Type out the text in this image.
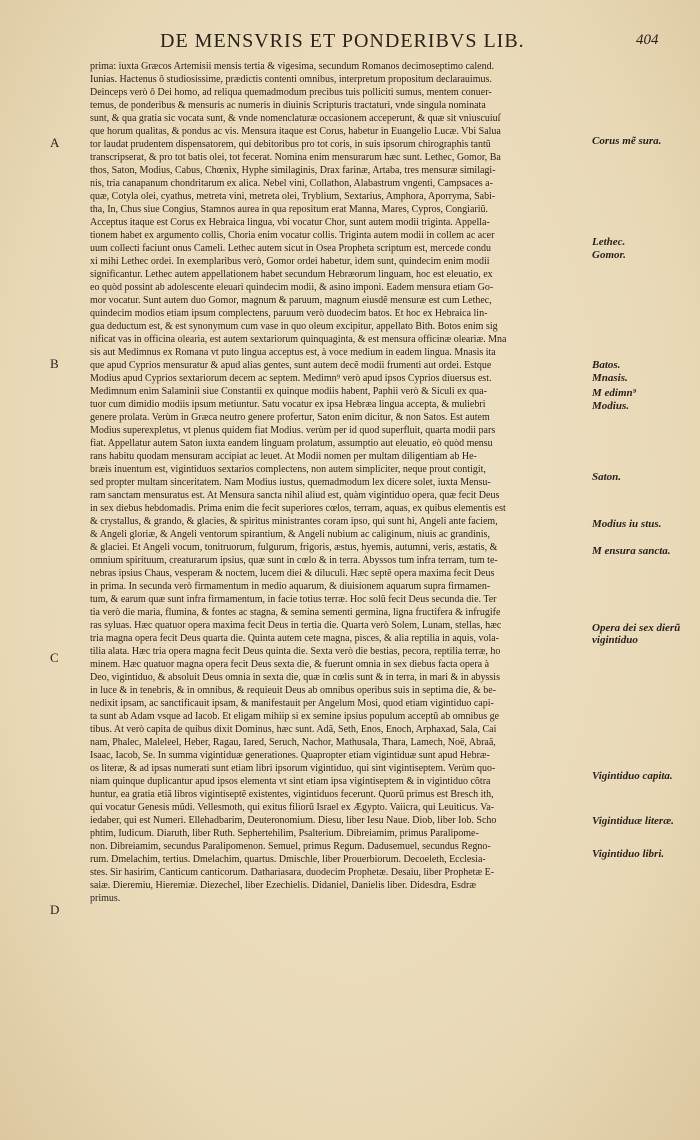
DE MENSVRIS ET PONDERIBVS LIB.	404
prima: iuxta Græcos Artemisii mensis tertia & vigesima, secundum Romanos decimoseptimo calend.
Iunias. Hactenus ô studiosissime, prædictis contenti omnibus, interpretum propositum declarauimus.
Deinceps verò ô Dei homo, ad reliqua quemadmodum precibus tuis polliciti sumus, mentem conuer-
temus, de ponderibus & mensuris ac numeris in diuinis Scripturis tractaturi, vnde singula nominata
sunt, & qua gratia sic vocata sunt, & vnde nomenclaturæ occasionem acceperunt, & quæ sit vniuscuiuſ
que horum qualitas, & pondus ac vis. Mensura itaque est Corus, habetur in Euangelio Lucæ. Vbi Salua
tor laudat prudentem dispensatorem, qui debitoribus pro tot coris, in suis ipsorum chirographis tantũ
transcripserat, & pro tot batis olei, tot fecerat. Nomina enim mensurarum hæc sunt. Lethec, Gomor, Ba
thos, Saton, Modius, Cabus, Chœnix, Hyphe similaginis, Drax farinæ, Artaba, tres mensuræ similagi-
nis, tria canapanum chondritarum ex alica. Nebel vini, Collathon, Alabastrum vngenti, Campsaces a-
quæ, Cotyla olei, cyathus, metreta vini, metreta olei, Tryblium, Sextarius, Amphora, Aporryma, Sabi-
tha, In, Chus siue Congius, Stamnos aurea in qua repositum erat Manna, Mares, Cypros, Congiariũ.
Acceptus itaque est Corus ex Hebraica lingua, vbi vocatur Chor, sunt autem modii triginta. Appella-
tionem habet ex argumento collis, Choria enim vocatur collis. Triginta autem modii in collem ac acer
uum collecti faciunt onus Cameli. Lethec autem sicut in Osea Propheta scriptum est, mercede condu
xi mihi Lethec ordei. In exemplaribus verò, Gomor ordei habetur, idem sunt, quindecim enim modii
significantur. Lethec autem appellationem habet secundum Hebræorum linguam, hoc est eleuatio, ex
eo quòd possint ab adolescente eleuari quindecim modii, & asino imponi. Eadem mensura etiam Go-
mor vocatur. Sunt autem duo Gomor, magnum & paruum, magnum eiusdẽ mensuræ est cum Lethec,
quindecim modios etiam ipsum complectens, paruum verò duodecim batos. Et hoc ex Hebraica lin-
gua deductum est, & est synonymum cum vase in quo oleum excipitur, appellato Bith. Botos enim sig
nificat vas in officina olearia, est autem sextariorum quinquaginta, & est mensura officinæ oleariæ. Mna
sis aut Medimnus ex Romana vt puto lingua acceptus est, à voce medium in eadem lingua. Mnasis ita
que apud Cyprios mensuratur & apud alias gentes, sunt autem decẽ modii frumenti aut ordei. Estque
Modius apud Cyprios sextariorum decem ac septem. Medimn⁹ verò apud ipsos Cyprios diuersus est.
Medimnum enim Salaminii siue Constantii ex quinque modiis habent, Paphii verò & Siculi ex qua-
tuor cum dimidio modiis ipsum metiuntur. Satu vocatur ex ipsa Hebræa lingua accepta, & muliebri
genere prolata. Verùm in Græca neutro genere profertur, Saton enim dicitur, & non Satos. Est autem
Modius superexpletus, vt plenus quidem fiat Modius. verùm per id quod superfluit, quarta modii pars
fiat. Appellatur autem Saton iuxta eandem linguam prolatum, assumptio aut eleuatio, eò quòd mensu
rans habitu quodam mensuram accipiat ac leuet. At Modii nomen per multam diligentiam ab He-
bræis inuentum est, vigintiduos sextarios complectens, non autem simpliciter, neque prout contigit,
sed propter multam sinceritatem. Nam Modius iustus, quemadmodum lex dicere solet, iuxta Mensu-
ram sanctam mensuratus est. At Mensura sancta nihil aliud est, quàm vigintiduo opera, quæ fecit Deus
in sex diebus hebdomadis. Prima enim die fecit superiores cœlos, terram, aquas, ex quibus elementis est
& crystallus, & grando, & glacies, & spiritus ministrantes coram ipso, qui sunt hi, Angeli ante faciem,
& Angeli gloriæ, & Angeli ventorum spirantium, & Angeli nubium ac caliginum, niuis ac grandinis,
& glaciei. Et Angeli vocum, tonitruorum, fulgurum, frigoris, æstus, hyemis, autumni, veris, æstatis, &
omnium spirituum, creaturarum ipsius, quæ sunt in cœlo & in terra. Abyssos tum infra terram, tum te-
nebras ipsius Chaus, vesperam & noctem, lucem diei & diluculi. Hæc septẽ opera maxima fecit Deus
in prima. In secunda verò firmamentum in medio aquarum, & diuisionem aquarum supra firmamen-
tum, & earum quæ sunt infra firmamentum, in facie totius terræ. Hoc solũ fecit Deus secunda die. Ter
tia verò die maria, flumina, & fontes ac stagna, & semina sementi germina, ligna fructifera & infrugife
ras syluas. Hæc quatuor opera maxima fecit Deus in tertia die. Quarta verò Solem, Lunam, stellas, hæc
tria magna opera fecit Deus quarta die. Quinta autem cete magna, pisces, & alia reptilia in aquis, vola-
tilia alata. Hæc tria opera magna fecit Deus quinta die. Sexta verò die bestias, pecora, reptilia terræ, ho
minem. Hæc quatuor magna opera fecit Deus sexta die, & fuerunt omnia in sex diebus facta opera à
Deo, vigintiduo, & absoluit Deus omnia in sexta die, quæ in cœlis sunt & in terra, in mari & in abyssis
in luce & in tenebris, & in omnibus, & requieuit Deus ab omnibus operibus suis in septima die, & be-
nedixit ipsam, ac sanctificauit ipsam, & manifestauit per Angelum Mosi, quod etiam vigintiduo capi-
ta sunt ab Adam vsque ad Iacob. Et eligam mihiip si ex semine ipsius populum acceptũ ab omnibus ge
tibus. At verò capita de quibus dixit Dominus, hæc sunt. Adã, Seth, Enos, Enoch, Arphaxad, Sala, Cai
nam, Phalec, Maleleel, Heber, Ragau, Iared, Seruch, Nachor, Mathusala, Thara, Lamech, Noë, Abraã,
Isaac, Iacob, Se. In summa vigintiduæ generationes. Quapropter etiam vigintiduæ sunt apud Hebræ-
os literæ, & ad ipsas numerati sunt etiam libri ipsorum vigintiduo, qui sint vigintiseptem. Verùm quo-
niam quinque duplicantur apud ipsos elementa vt sint etiam ipsa vigintiseptem & in vigintiduo cõtra
huntur, ea gratia etiã libros vigintiseptẽ existentes, vigintiduos fecerunt. Quorũ primus est Bresch ith,
qui vocatur Genesis mũdi. Vellesmoth, qui exitus filiorũ Israel ex Ægypto. Vaiicra, qui Leuiticus. Va-
iedaber, qui est Numeri. Ellehadbarim, Deuteronomium. Diesu, liber Iesu Naue. Diob, liber Iob. Scho
phtim, Iudicum. Diaruth, liber Ruth. Sephertehilim, Psalterium. Dibreiamim, primus Paralipome-
non. Dibreiamim, secundus Paralipomenon. Semuel, primus Regum. Dadusemuel, secundus Regno-
rum. Dmelachim, tertius. Dmelachim, quartus. Dmischle, liber Prouerbiorum. Decoeleth, Ecclesia-
stes. Sir hasirim, Canticum canticorum. Dathariasara, duodecim Prophetæ. Desaiu, liber Prophetæ E-
saiæ. Dieremiu, Hieremiæ. Diezechel, liber Ezechielis. Didaniel, Danielis liber. Didesdra, Esdræ
primus.
A
B
C
D
Corus mẽ sura.
Lethec.
Gomor.
Batos.
Mnasis.
M edimn⁹
Modius.
Saton.
Modius iu stus.
M ensura sancta.
Opera dei sex dierũ vigintiduo
Vigintiduo capita.
Vigintiduæ literæ.
Vigintiduo libri.
